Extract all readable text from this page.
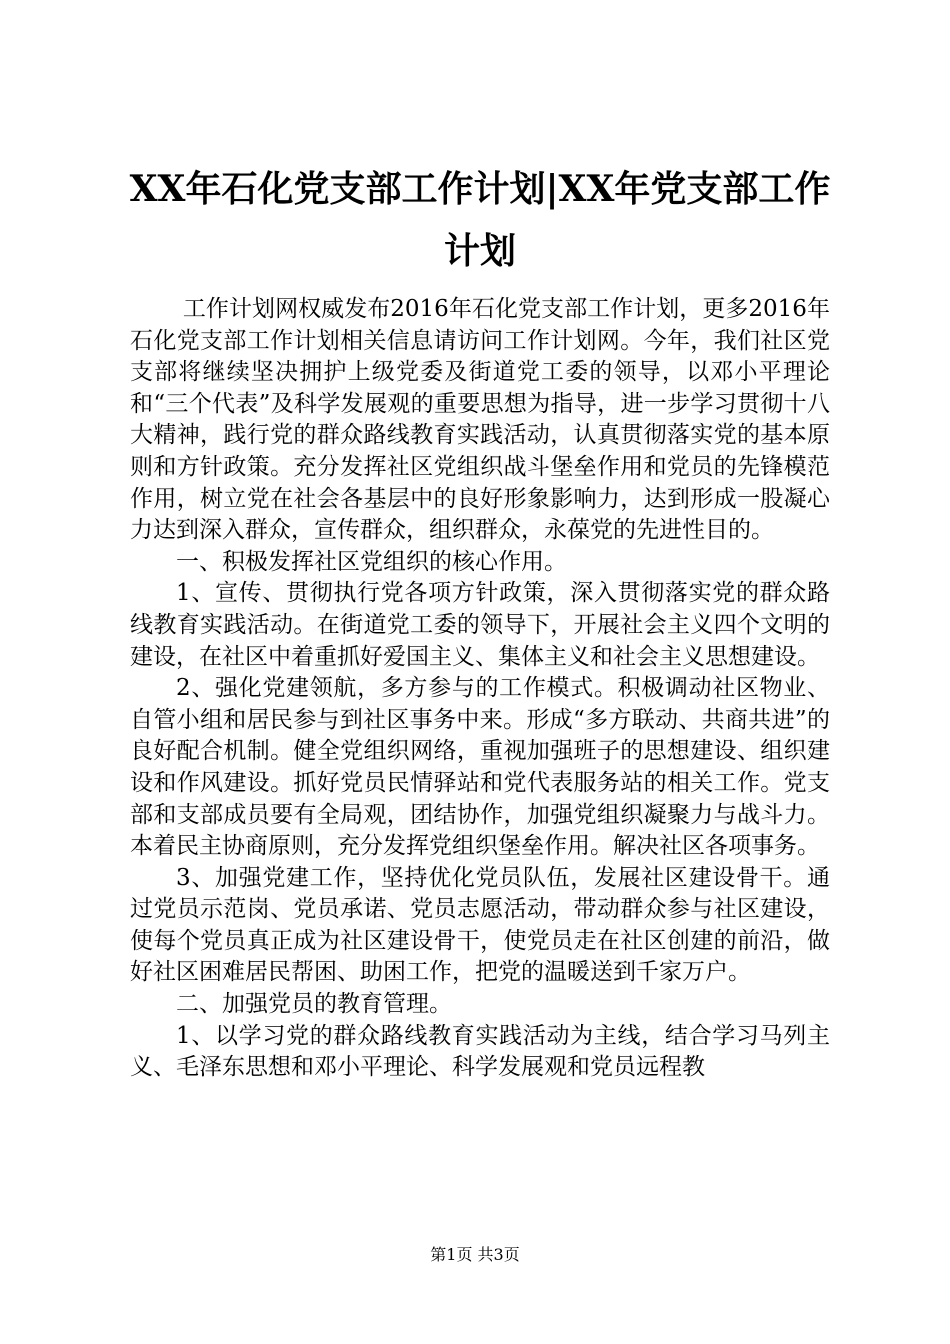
XX年石化党支部工作计划|XX年党支部工作计划

工作计划网权威发布2016年石化党支部工作计划，更多2016年石化党支部工作计划相关信息请访问工作计划网。今年，我们社区党支部将继续坚决拥护上级党委及街道党工委的领导，以邓小平理论和“三个代表”及科学发展观的重要思想为指导，进一步学习贯彻十八大精神，践行党的群众路线教育实践活动，认真贯彻落实党的基本原则和方针政策。充分发挥社区党组织战斗堡垒作用和党员的先锋模范作用，树立党在社会各基层中的良好形象影响力，达到形成一股凝心力达到深入群众，宣传群众，组织群众，永葆党的先进性目的。

一、积极发挥社区党组织的核心作用。

1、宣传、贯彻执行党各项方针政策，深入贯彻落实党的群众路线教育实践活动。在街道党工委的领导下，开展社会主义四个文明的建设，在社区中着重抓好爱国主义、集体主义和社会主义思想建设。

2、强化党建领航，多方参与的工作模式。积极调动社区物业、自管小组和居民参与到社区事务中来。形成“多方联动、共商共进”的良好配合机制。健全党组织网络，重视加强班子的思想建设、组织建设和作风建设。抓好党员民情驿站和党代表服务站的相关工作。党支部和支部成员要有全局观，团结协作，加强党组织凝聚力与战斗力。本着民主协商原则，充分发挥党组织堡垒作用。解决社区各项事务。

3、加强党建工作，坚持优化党员队伍，发展社区建设骨干。通过党员示范岗、党员承诺、党员志愿活动，带动群众参与社区建设，使每个党员真正成为社区建设骨干，使党员走在社区创建的前沿，做好社区困难居民帮困、助困工作，把党的温暖送到千家万户。

二、加强党员的教育管理。

1、以学习党的群众路线教育实践活动为主线，结合学习马列主义、毛泽东思想和邓小平理论、科学发展观和党员远程教

第1页 共3页
